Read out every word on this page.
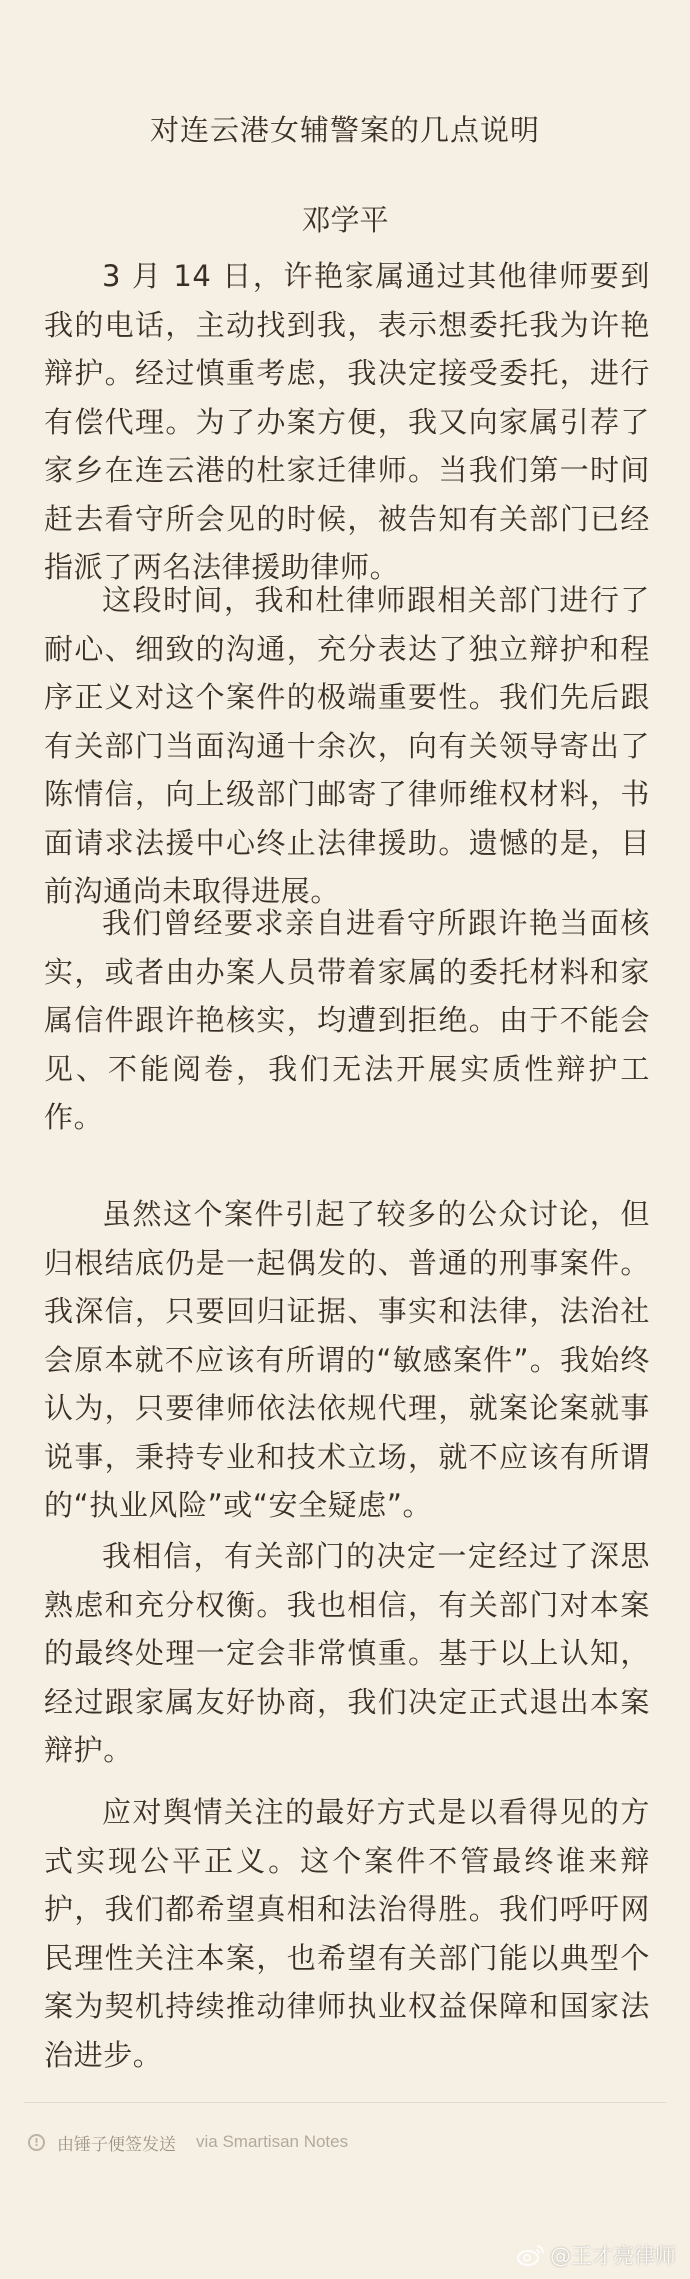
对连云港女辅警案的几点说明
邓学平
3 月 14 日，许艳家属通过其他律师要到我的电话，主动找到我，表示想委托我为许艳辩护。经过慎重考虑，我决定接受委托，进行有偿代理。为了办案方便，我又向家属引荐了家乡在连云港的杜家迁律师。当我们第一时间赶去看守所会见的时候，被告知有关部门已经指派了两名法律援助律师。
这段时间，我和杜律师跟相关部门进行了耐心、细致的沟通，充分表达了独立辩护和程序正义对这个案件的极端重要性。我们先后跟有关部门当面沟通十余次，向有关领导寄出了陈情信，向上级部门邮寄了律师维权材料，书面请求法援中心终止法律援助。遗憾的是，目前沟通尚未取得进展。
我们曾经要求亲自进看守所跟许艳当面核实，或者由办案人员带着家属的委托材料和家属信件跟许艳核实，均遭到拒绝。由于不能会见、不能阅卷，我们无法开展实质性辩护工作。
虽然这个案件引起了较多的公众讨论，但归根结底仍是一起偶发的、普通的刑事案件。我深信，只要回归证据、事实和法律，法治社会原本就不应该有所谓的“敏感案件”。我始终认为，只要律师依法依规代理，就案论案就事说事，秉持专业和技术立场，就不应该有所谓的“执业风险”或“安全疑虑”。
我相信，有关部门的决定一定经过了深思熟虑和充分权衡。我也相信，有关部门对本案的最终处理一定会非常慎重。基于以上认知，经过跟家属友好协商，我们决定正式退出本案辩护。
应对舆情关注的最好方式是以看得见的方式实现公平正义。这个案件不管最终谁来辩护，我们都希望真相和法治得胜。我们呼吁网民理性关注本案，也希望有关部门能以典型个案为契机持续推动律师执业权益保障和国家法治进步。
!	由锤子便签发送 via Smartisan Notes
@王才亮律师
